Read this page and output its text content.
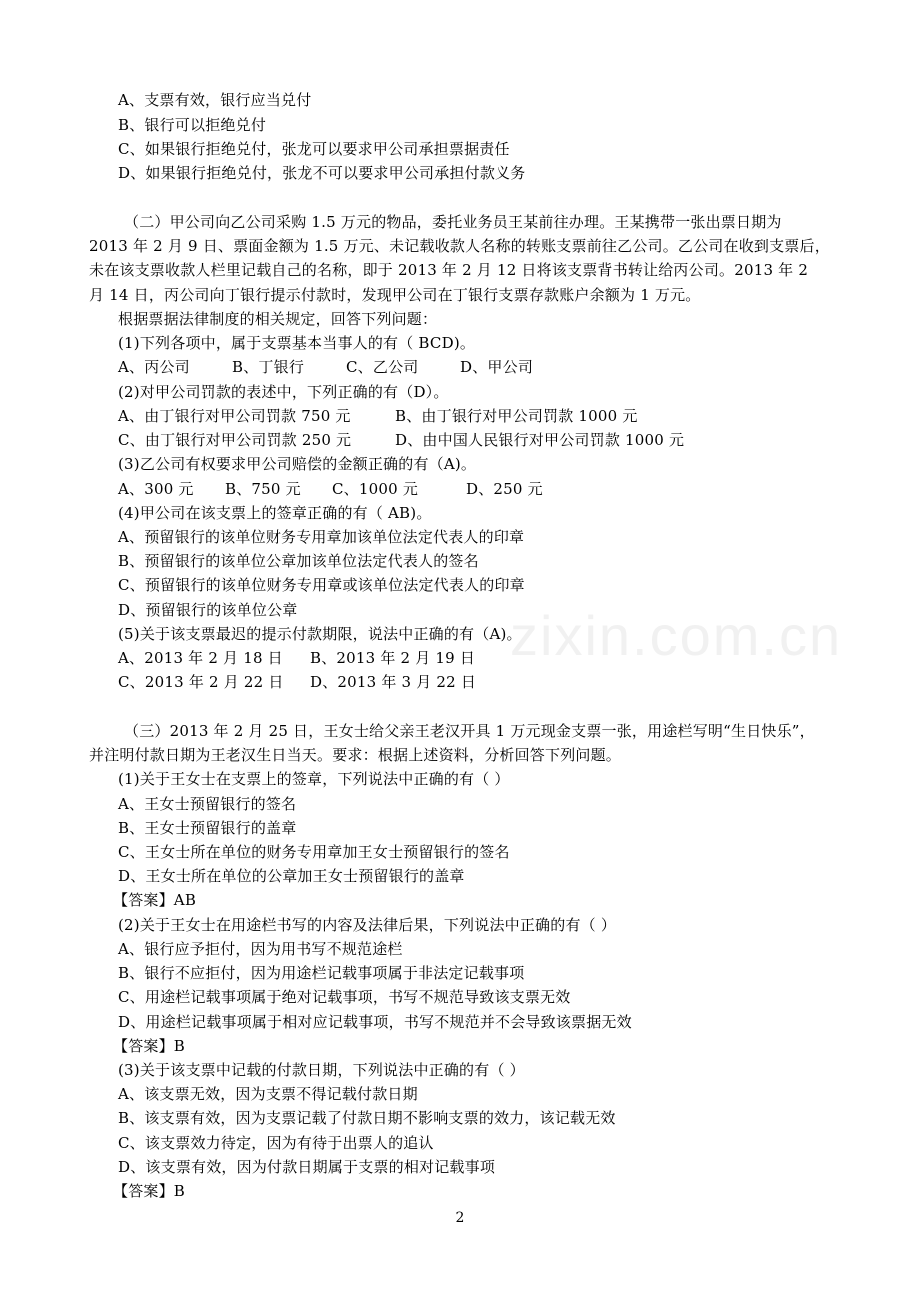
zixin.com.cn
A、支票有效，银行应当兑付
B、银行可以拒绝兑付
C、如果银行拒绝兑付，张龙可以要求甲公司承担票据责任
D、如果银行拒绝兑付，张龙不可以要求甲公司承担付款义务
（二）甲公司向乙公司采购 1.5 万元的物品，委托业务员王某前往办理。王某携带一张出票日期为
2013 年 2 月 9 日、票面金额为 1.5 万元、未记载收款人名称的转账支票前往乙公司。乙公司在收到支票后，
未在该支票收款人栏里记载自己的名称，即于 2013 年 2 月 12 日将该支票背书转让给丙公司。2013 年 2
月 14 日，丙公司向丁银行提示付款时，发现甲公司在丁银行支票存款账户余额为 1 万元。
根据票据法律制度的相关规定，回答下列问题：
(1)下列各项中，属于支票基本当事人的有（ BCD)。
A、丙公司	B、丁银行	C、乙公司	D、甲公司
(2)对甲公司罚款的表述中，下列正确的有（D）。
A、由丁银行对甲公司罚款 750 元	B、由丁银行对甲公司罚款 1000 元
C、由丁银行对甲公司罚款 250 元	D、由中国人民银行对甲公司罚款 1000 元
(3)乙公司有权要求甲公司赔偿的金额正确的有（A)。
A、300 元 B、750 元 C、1000 元	D、250 元
(4)甲公司在该支票上的签章正确的有（ AB)。
A、预留银行的该单位财务专用章加该单位法定代表人的印章
B、预留银行的该单位公章加该单位法定代表人的签名
C、预留银行的该单位财务专用章或该单位法定代表人的印章
D、预留银行的该单位公章
(5)关于该支票最迟的提示付款期限，说法中正确的有（A)。
A、2013 年 2 月 18 日 B、2013 年 2 月 19 日
C、2013 年 2 月 22 日 D、2013 年 3 月 22 日
（三）2013 年 2 月 25 日，王女士给父亲王老汉开具 1 万元现金支票一张，用途栏写明“生日快乐”，
并注明付款日期为王老汉生日当天。要求：根据上述资料，分析回答下列问题。
(1)关于王女士在支票上的签章，下列说法中正确的有（ ）
A、王女士预留银行的签名
B、王女士预留银行的盖章
C、王女士所在单位的财务专用章加王女士预留银行的签名
D、王女士所在单位的公章加王女士预留银行的盖章
【答案】AB
(2)关于王女士在用途栏书写的内容及法律后果，下列说法中正确的有（ ）
A、银行应予拒付，因为用书写不规范途栏
B、银行不应拒付，因为用途栏记载事项属于非法定记载事项
C、用途栏记载事项属于绝对记载事项，书写不规范导致该支票无效
D、用途栏记载事项属于相对应记载事项，书写不规范并不会导致该票据无效
【答案】B
(3)关于该支票中记载的付款日期，下列说法中正确的有（ ）
A、该支票无效，因为支票不得记载付款日期
B、该支票有效，因为支票记载了付款日期不影响支票的效力，该记载无效
C、该支票效力待定，因为有待于出票人的追认
D、该支票有效，因为付款日期属于支票的相对记载事项
【答案】B
2
